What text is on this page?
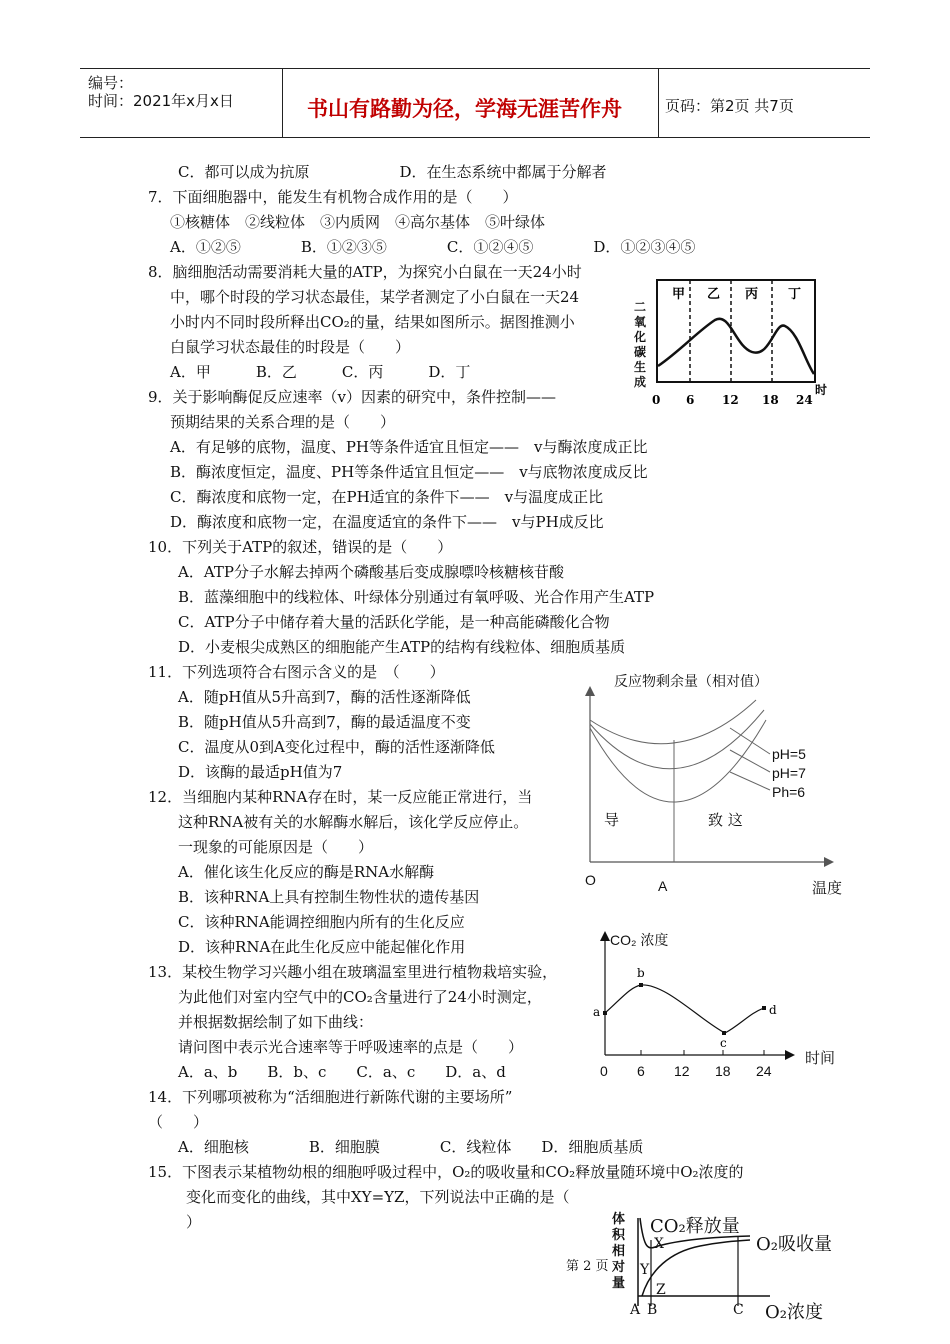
编号：
时间：2021年x月x日	书山有路勤为径，学海无涯苦作舟	页码：第2页 共7页
C．都可以成为抗原　　　　　　D．在生态系统中都属于分解者
7．下面细胞器中，能发生有机物合成作用的是（　　）
①核糖体　②线粒体　③内质网　④高尔基体　⑤叶绿体
A．①②⑤　　　　B．①②③⑤　　　　C．①②④⑤　　　　D．①②③④⑤
8．脑细胞活动需要消耗大量的ATP，为探究小白鼠在一天24小时
中，哪个时段的学习状态最佳，某学者测定了小白鼠在一天24
小时内不同时段所释出CO₂的量，结果如图所示。据图推测小
白鼠学习状态最佳的时段是（　　）
A．甲　　　B．乙　　　C．丙　　　D．丁
9．关于影响酶促反应速率（v）因素的研究中，条件控制——
预期结果的关系合理的是（　　）
A．有足够的底物，温度、PH等条件适宜且恒定——　v与酶浓度成正比
B．酶浓度恒定，温度、PH等条件适宜且恒定——　v与底物浓度成反比
C．酶浓度和底物一定，在PH适宜的条件下——　v与温度成正比
D．酶浓度和底物一定，在温度适宜的条件下——　v与PH成反比
10．下列关于ATP的叙述，错误的是（　　）
A．ATP分子水解去掉两个磷酸基后变成腺嘌呤核糖核苷酸
B．蓝藻细胞中的线粒体、叶绿体分别通过有氧呼吸、光合作用产生ATP
C．ATP分子中储存着大量的活跃化学能，是一种高能磷酸化合物
D．小麦根尖成熟区的细胞能产生ATP的结构有线粒体、细胞质基质
11．下列选项符合右图示含义的是　（　　）
A．随pH值从5升高到7，酶的活性逐渐降低
B．随pH值从5升高到7，酶的最适温度不变
C．温度从0到A变化过程中，酶的活性逐渐降低
D．该酶的最适pH值为7
12．当细胞内某种RNA存在时，某一反应能正常进行，当
这种RNA被有关的水解酶水解后，该化学反应停止。
一现象的可能原因是（　　）
A．催化该生化反应的酶是RNA水解酶
B．该种RNA上具有控制生物性状的遗传基因
C．该种RNA能调控细胞内所有的生化反应
D．该种RNA在此生化反应中能起催化作用
13．某校生物学习兴趣小组在玻璃温室里进行植物栽培实验，
为此他们对室内空气中的CO₂含量进行了24小时测定，
并根据数据绘制了如下曲线：
请问图中表示光合速率等于呼吸速率的点是（　　）
A．a、b　　B．b、c　　C．a、c　　D．a、d
14．下列哪项被称为“活细胞进行新陈代谢的主要场所”
（　　）
A．细胞核　　　　B．细胞膜　　　　C．线粒体　　D．细胞质基质
15．下图表示某植物幼根的细胞呼吸过程中，O₂的吸收量和CO₂释放量随环境中O₂浓度的
变化而变化的曲线，其中XY=YZ，下列说法中正确的是（
）
甲 乙 丙 丁
0 6 12 18 24
时
二氧化碳生成
反应物剩余量（相对值）
pH=5
pH=7
Ph=6
导	致 这
O	A	温度
a
b
c
d
CO₂ 浓度
0 6 12 18 24
时间
体积相对量
CO₂释放量
O₂吸收量
X
Y
Z
A B	C O₂浓度
第 2 页
